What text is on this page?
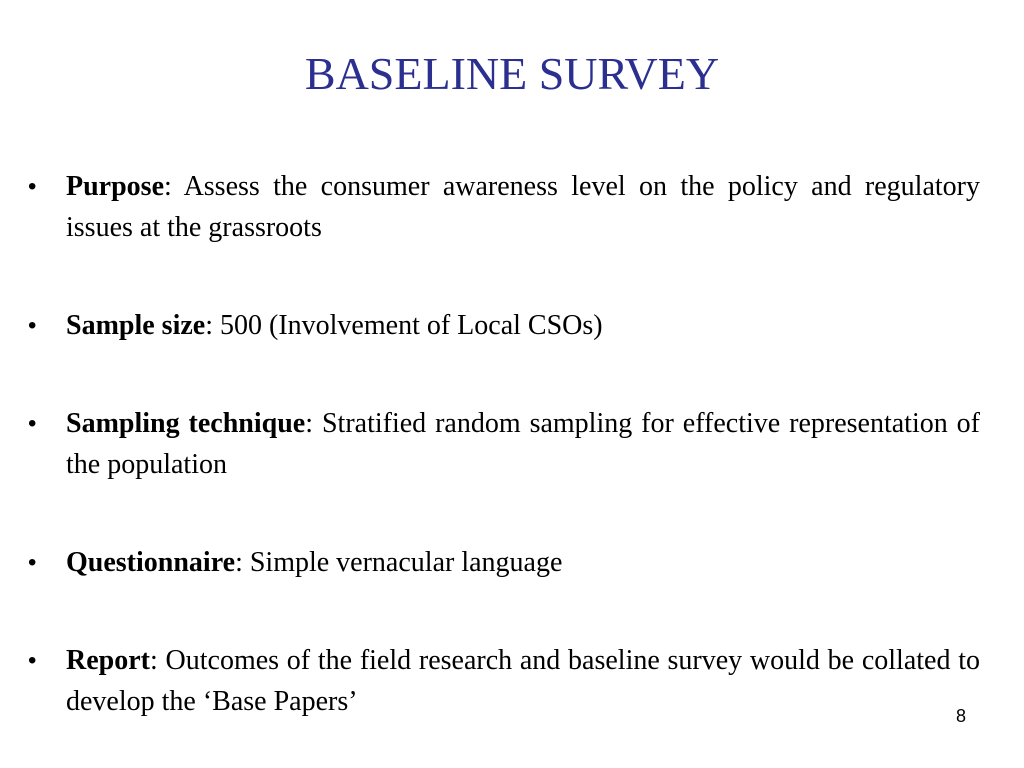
BASELINE SURVEY
• Purpose: Assess the consumer awareness level on the policy and regulatory issues at the grassroots
• Sample size: 500 (Involvement of Local CSOs)
• Sampling technique: Stratified random sampling for effective representation of the population
• Questionnaire: Simple vernacular language
• Report: Outcomes of the field research and baseline survey would be collated to develop the ‘Base Papers’	8
